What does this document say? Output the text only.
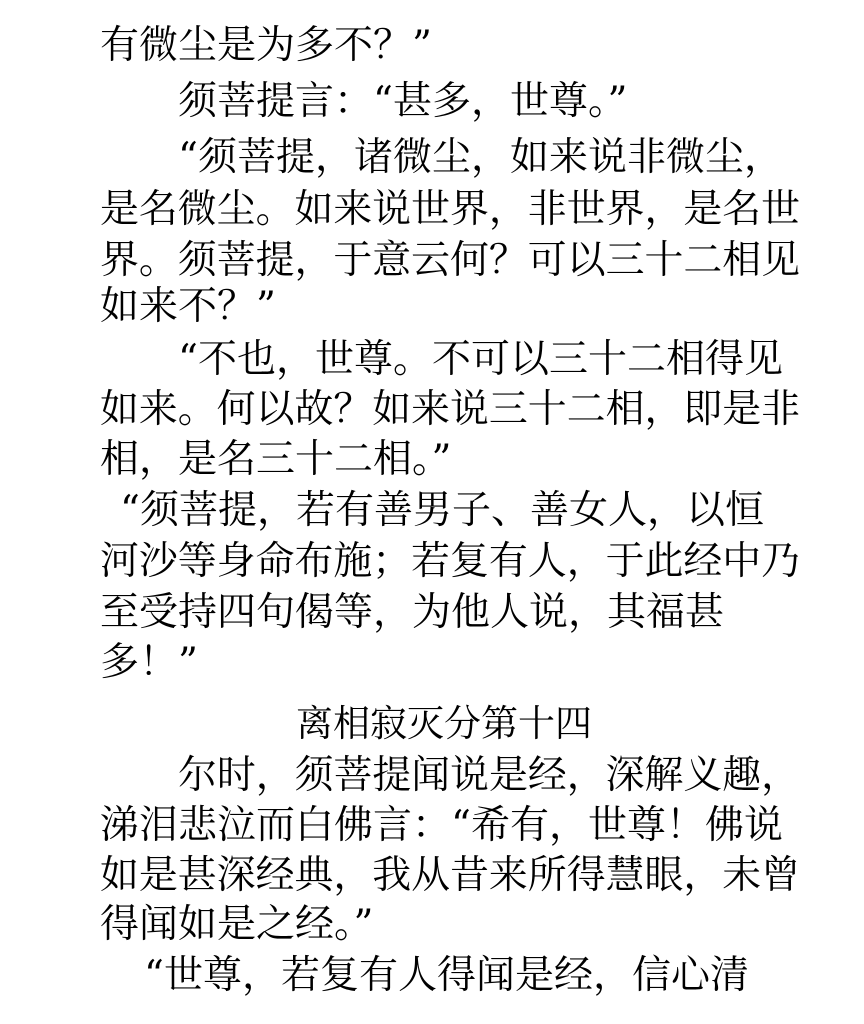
有微尘是为多不？”
须菩提言：“甚多，世尊。”
“须菩提，诸微尘，如来说非微尘，
是名微尘。如来说世界，非世界，是名世
界。须菩提，于意云何？可以三十二相见
如来不？”
“不也，世尊。不可以三十二相得见
如来。何以故？如来说三十二相，即是非
相，是名三十二相。”
“须菩提，若有善男子、善女人，以恒
河沙等身命布施；若复有人，于此经中乃
至受持四句偈等，为他人说，其福甚
多！”
离相寂灭分第十四
尔时，须菩提闻说是经，深解义趣，
涕泪悲泣而白佛言：“希有，世尊！佛说
如是甚深经典，我从昔来所得慧眼，未曾
得闻如是之经。”
“世尊，若复有人得闻是经，信心清
